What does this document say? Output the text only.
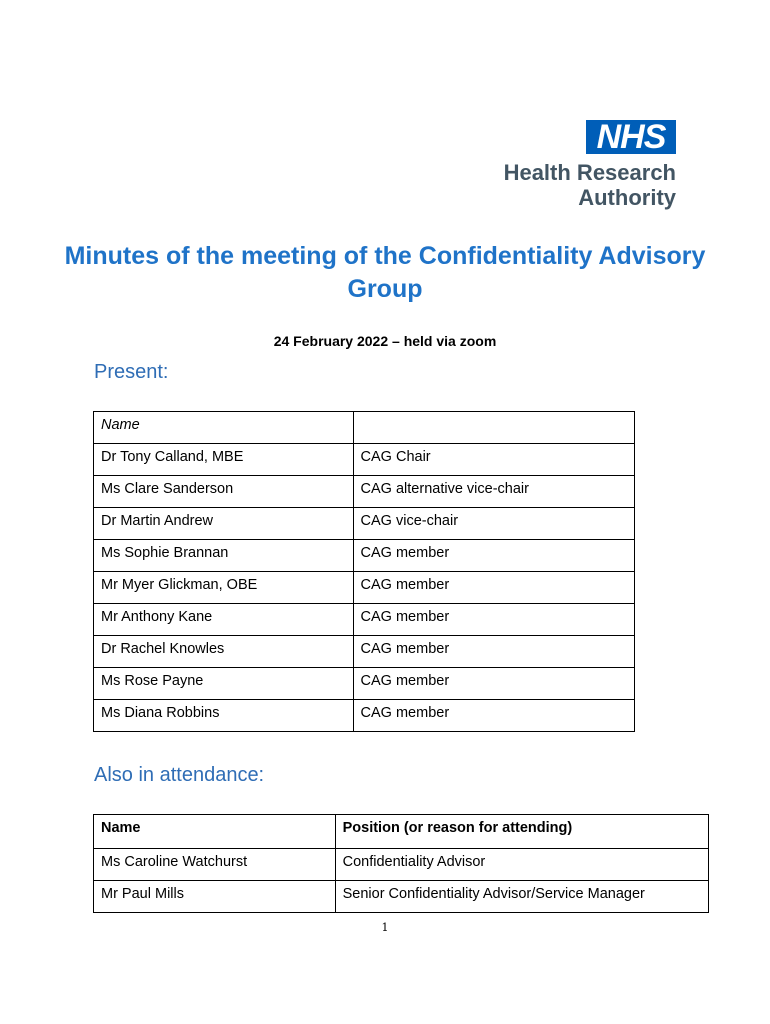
NHS
Health Research
Authority
Minutes of the meeting of the Confidentiality Advisory Group
24 February 2022 – held via zoom
Present:
Name	
Dr Tony Calland, MBE	CAG Chair
Ms Clare Sanderson	CAG alternative vice-chair
Dr Martin Andrew	CAG vice-chair
Ms Sophie Brannan	CAG member
Mr Myer Glickman, OBE	CAG member
Mr Anthony Kane	CAG member
Dr Rachel Knowles	CAG member
Ms Rose Payne	CAG member
Ms Diana Robbins	CAG member
Also in attendance:
Name	Position (or reason for attending)
Ms Caroline Watchurst	Confidentiality Advisor
Mr Paul Mills	Senior Confidentiality Advisor/Service Manager
1
